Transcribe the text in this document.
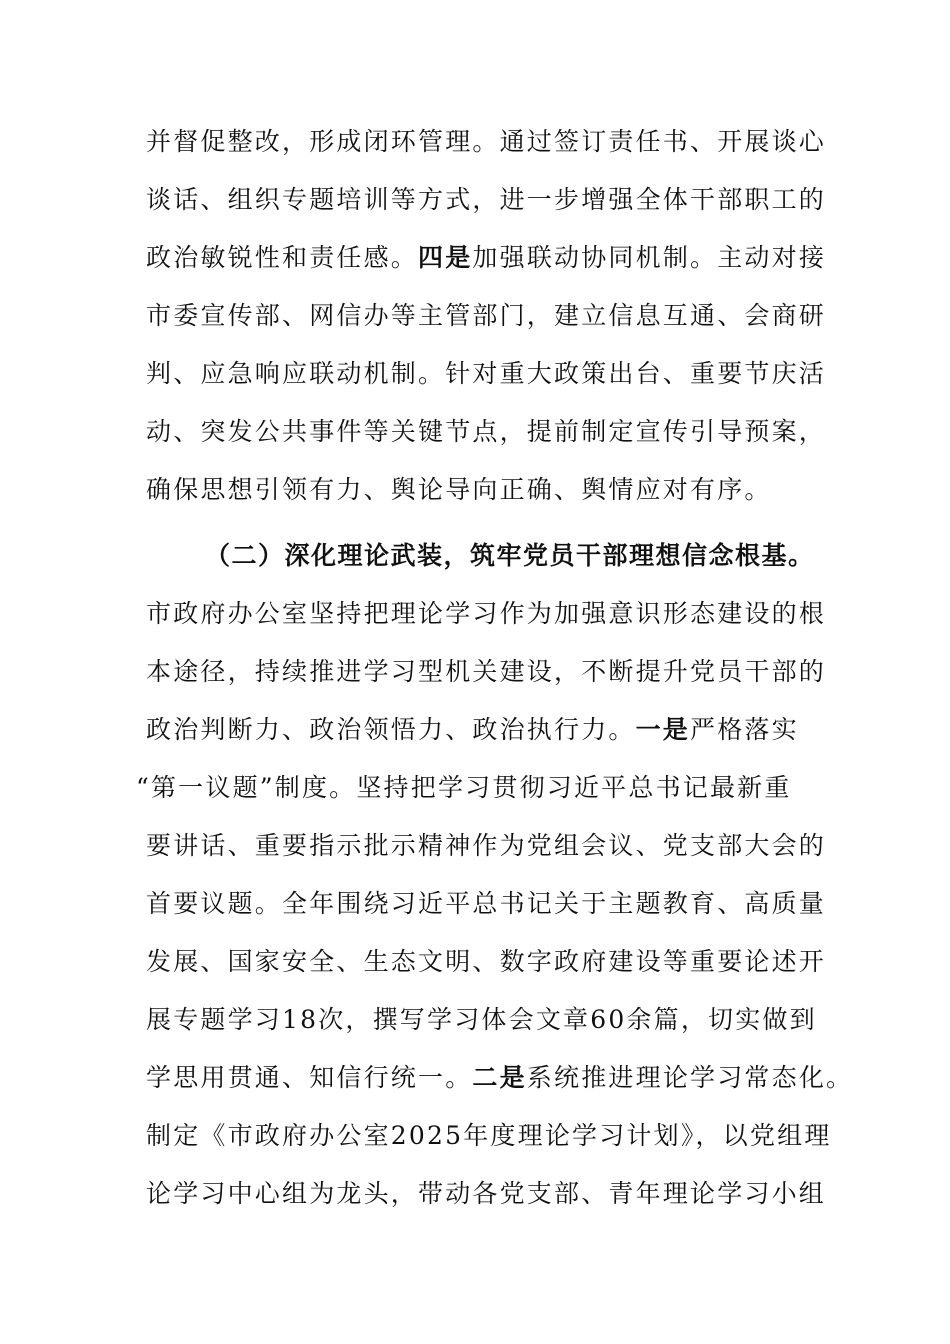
并督促整改，形成闭环管理。通过签订责任书、开展谈心
谈话、组织专题培训等方式，进一步增强全体干部职工的
政治敏锐性和责任感。四是加强联动协同机制。主动对接
市委宣传部、网信办等主管部门，建立信息互通、会商研
判、应急响应联动机制。针对重大政策出台、重要节庆活
动、突发公共事件等关键节点，提前制定宣传引导预案，
确保思想引领有力、舆论导向正确、舆情应对有序。
（二）深化理论武装，筑牢党员干部理想信念根基。
市政府办公室坚持把理论学习作为加强意识形态建设的根
本途径，持续推进学习型机关建设，不断提升党员干部的
政治判断力、政治领悟力、政治执行力。一是严格落实
“第一议题”制度。坚持把学习贯彻习近平总书记最新重
要讲话、重要指示批示精神作为党组会议、党支部大会的
首要议题。全年围绕习近平总书记关于主题教育、高质量
发展、国家安全、生态文明、数字政府建设等重要论述开
展专题学习18次，撰写学习体会文章60余篇，切实做到
学思用贯通、知信行统一。二是系统推进理论学习常态化。
制定《市政府办公室2025年度理论学习计划》，以党组理
论学习中心组为龙头，带动各党支部、青年理论学习小组
